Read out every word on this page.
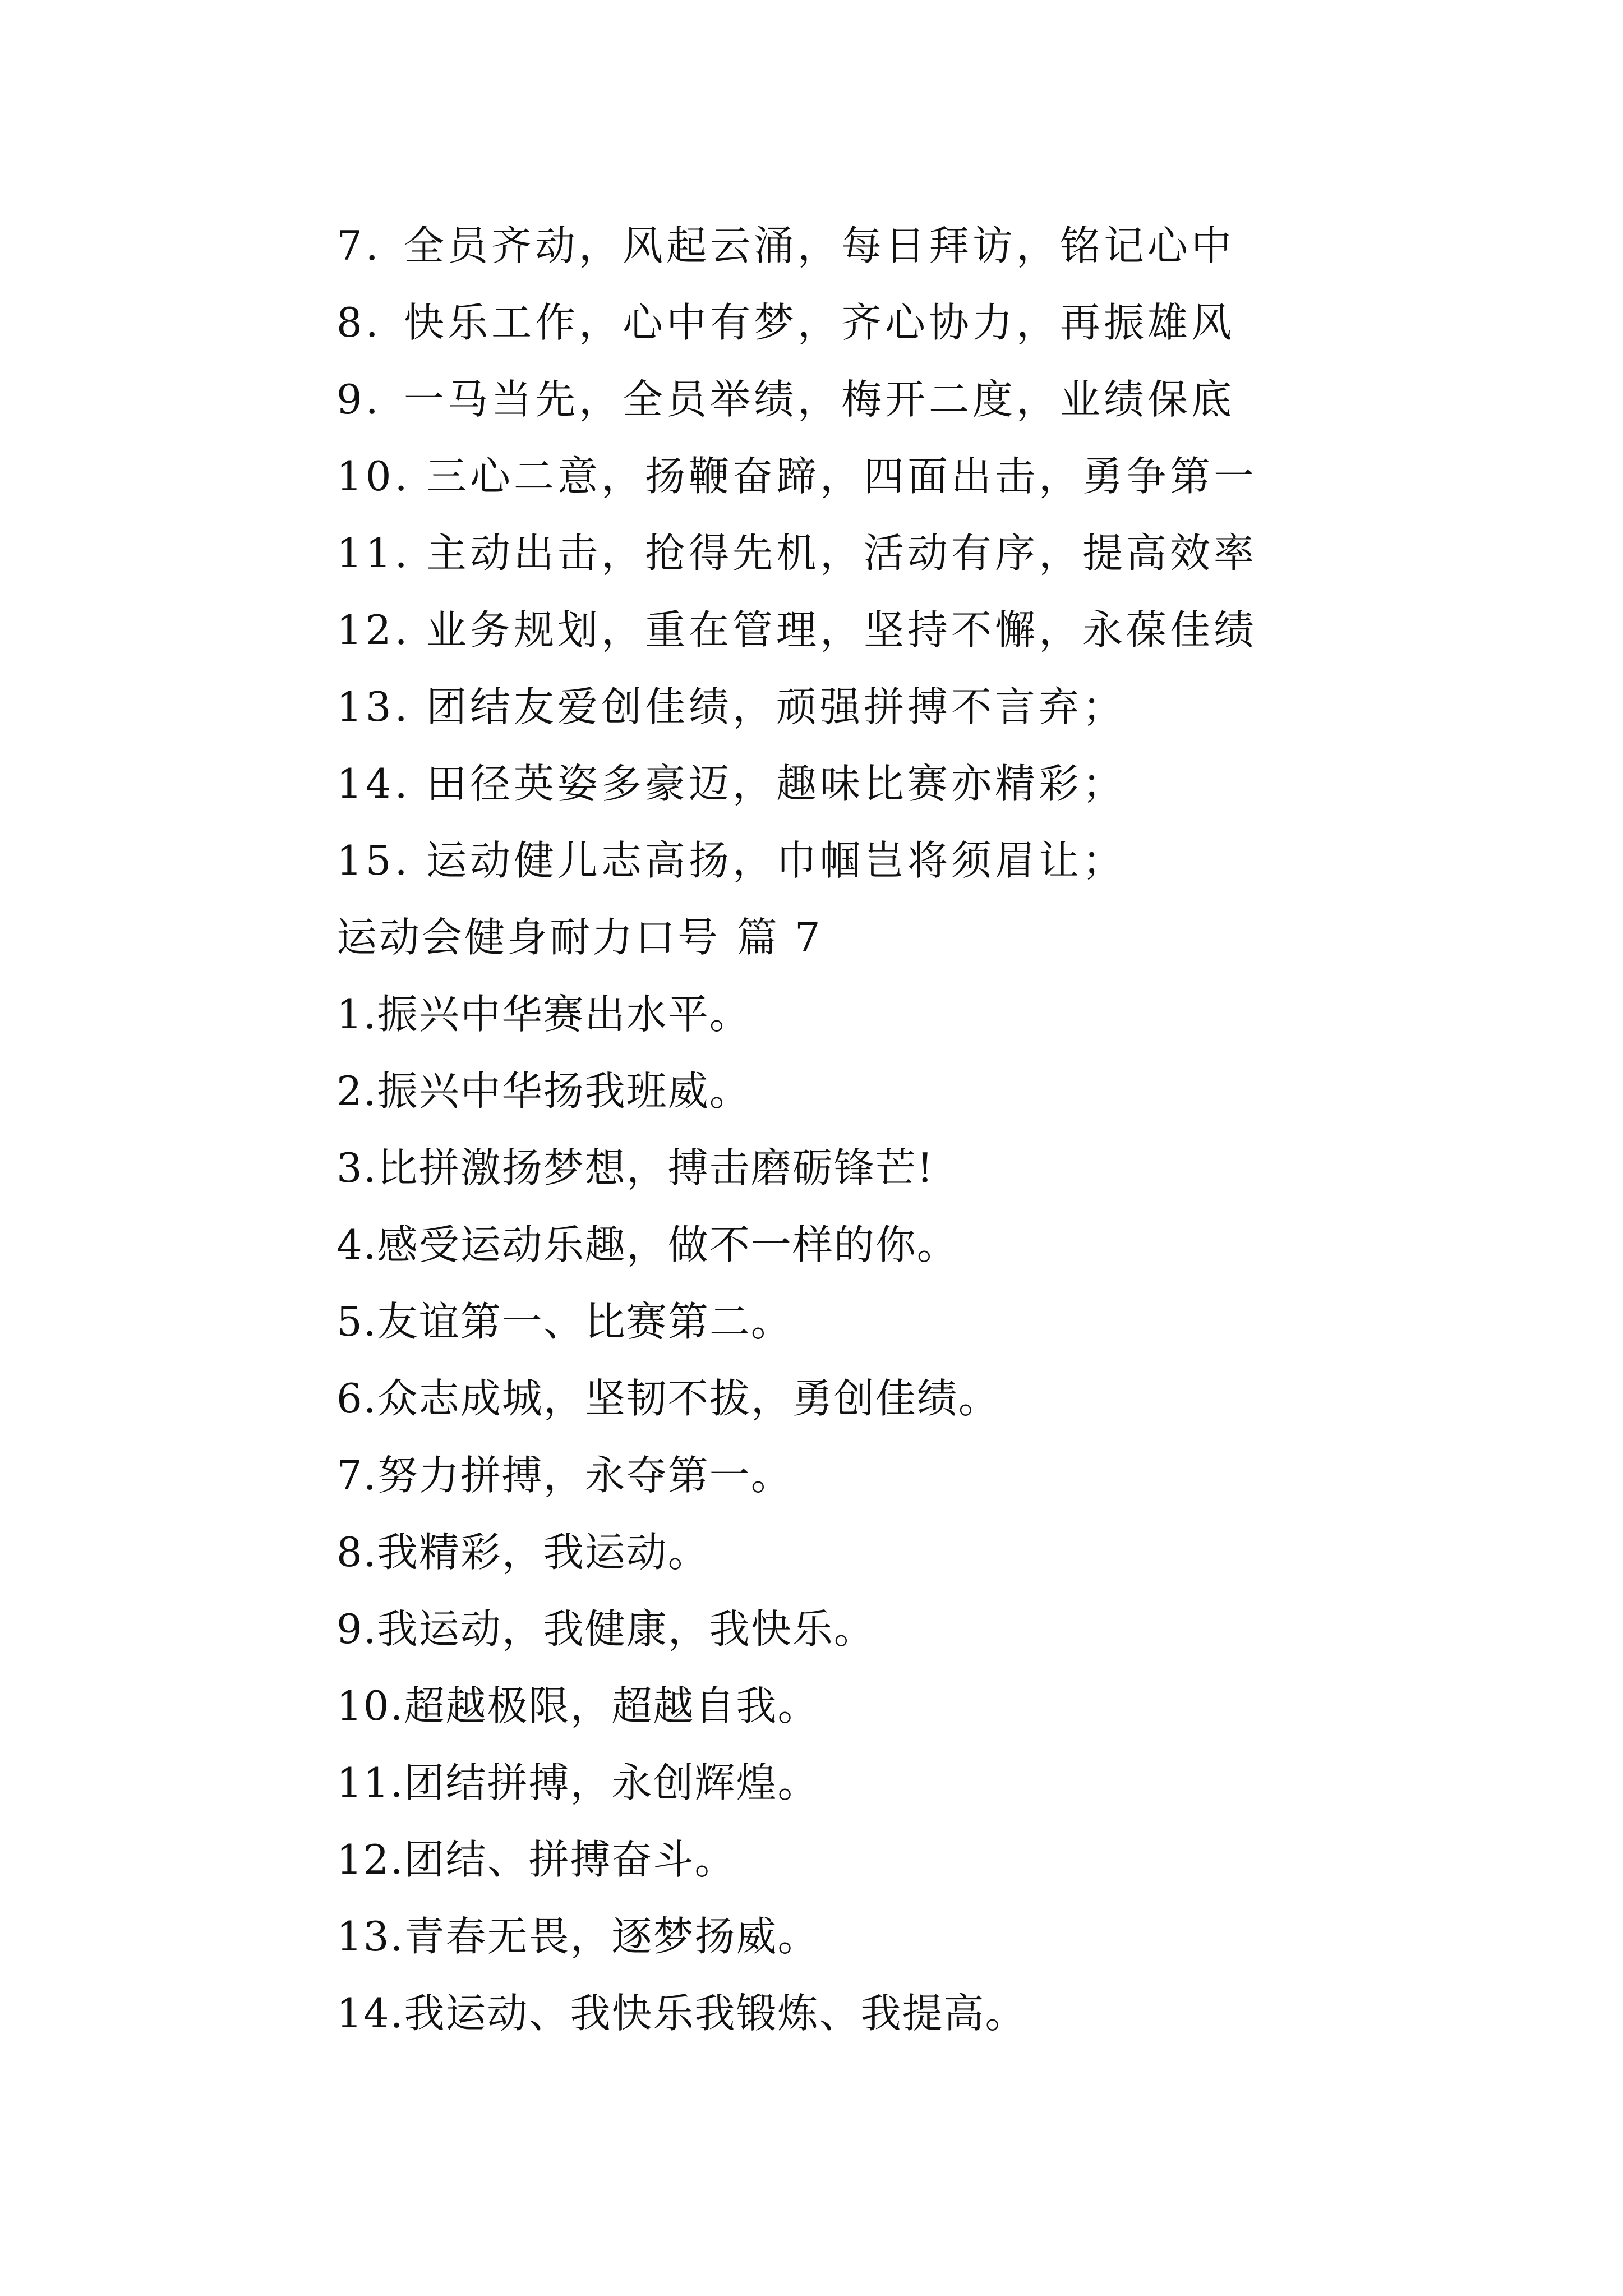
7. 全员齐动，风起云涌，每日拜访，铭记心中
8. 快乐工作，心中有梦，齐心协力，再振雄风
9. 一马当先，全员举绩，梅开二度，业绩保底
10. 三心二意，扬鞭奋蹄，四面出击，勇争第一
11. 主动出击，抢得先机，活动有序，提高效率
12. 业务规划，重在管理，坚持不懈，永葆佳绩
13. 团结友爱创佳绩，顽强拼搏不言弃；
14. 田径英姿多豪迈，趣味比赛亦精彩；
15. 运动健儿志高扬，巾帼岂将须眉让；
运动会健身耐力口号 篇 7
1.振兴中华赛出水平。
2.振兴中华扬我班威。
3.比拼激扬梦想，搏击磨砺锋芒!
4.感受运动乐趣，做不一样的你。
5.友谊第一、比赛第二。
6.众志成城，坚韧不拔，勇创佳绩。
7.努力拼搏，永夺第一。
8.我精彩，我运动。
9.我运动，我健康，我快乐。
10.超越极限，超越自我。
11.团结拼搏，永创辉煌。
12.团结、拼搏奋斗。
13.青春无畏，逐梦扬威。
14.我运动、我快乐我锻炼、我提高。
